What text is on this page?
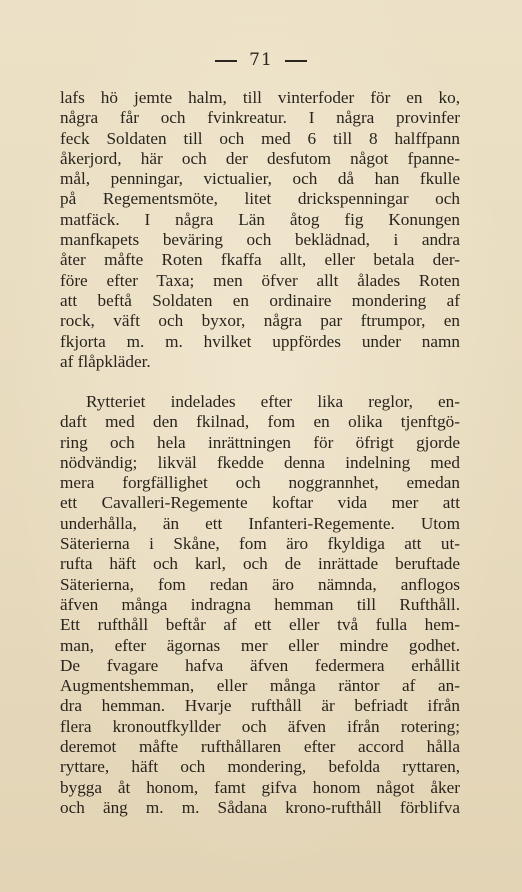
71
lafs hö jemte halm, till vinterfoder för en ko,
några får och fvinkreatur. I några provinfer
feck Soldaten till och med 6 till 8 halffpann
åkerjord, här och der desfutom något fpanne-
mål, penningar, victualier, och då han fkulle
på Regementsmöte, litet drickspenningar och
matfäck. I några Län åtog fig Konungen
manfkapets beväring och beklädnad, i andra
åter måfte Roten fkaffa allt, eller betala der-
före efter Taxa; men öfver allt ålades Roten
att beftå Soldaten en ordinaire mondering af
rock, väft och byxor, några par ftrumpor, en
fkjorta m. m. hvilket uppfördes under namn
af flåpkläder.
Rytteriet indelades efter lika reglor, en-
daft med den fkilnad, fom en olika tjenftgö-
ring och hela inrättningen för öfrigt gjorde
nödvändig; likväl fkedde denna indelning med
mera forgfällighet och noggrannhet, emedan
ett Cavalleri-Regemente koftar vida mer att
underhålla, än ett Infanteri-Regemente. Utom
Säterierna i Skåne, fom äro fkyldiga att ut-
rufta häft och karl, och de inrättade beruftade
Säterierna, fom redan äro nämnda, anflogos
äfven många indragna hemman till Rufthåll.
Ett rufthåll beftår af ett eller två fulla hem-
man, efter ägornas mer eller mindre godhet.
De fvagare hafva äfven federmera erhållit
Augmentshemman, eller många räntor af an-
dra hemman. Hvarje rufthåll är befriadt ifrån
flera kronoutfkyllder och äfven ifrån rotering;
deremot måfte rufthållaren efter accord hålla
ryttare, häft och mondering, befolda ryttaren,
bygga åt honom, famt gifva honom något åker
och äng m. m. Sådana krono-rufthåll förblifva
